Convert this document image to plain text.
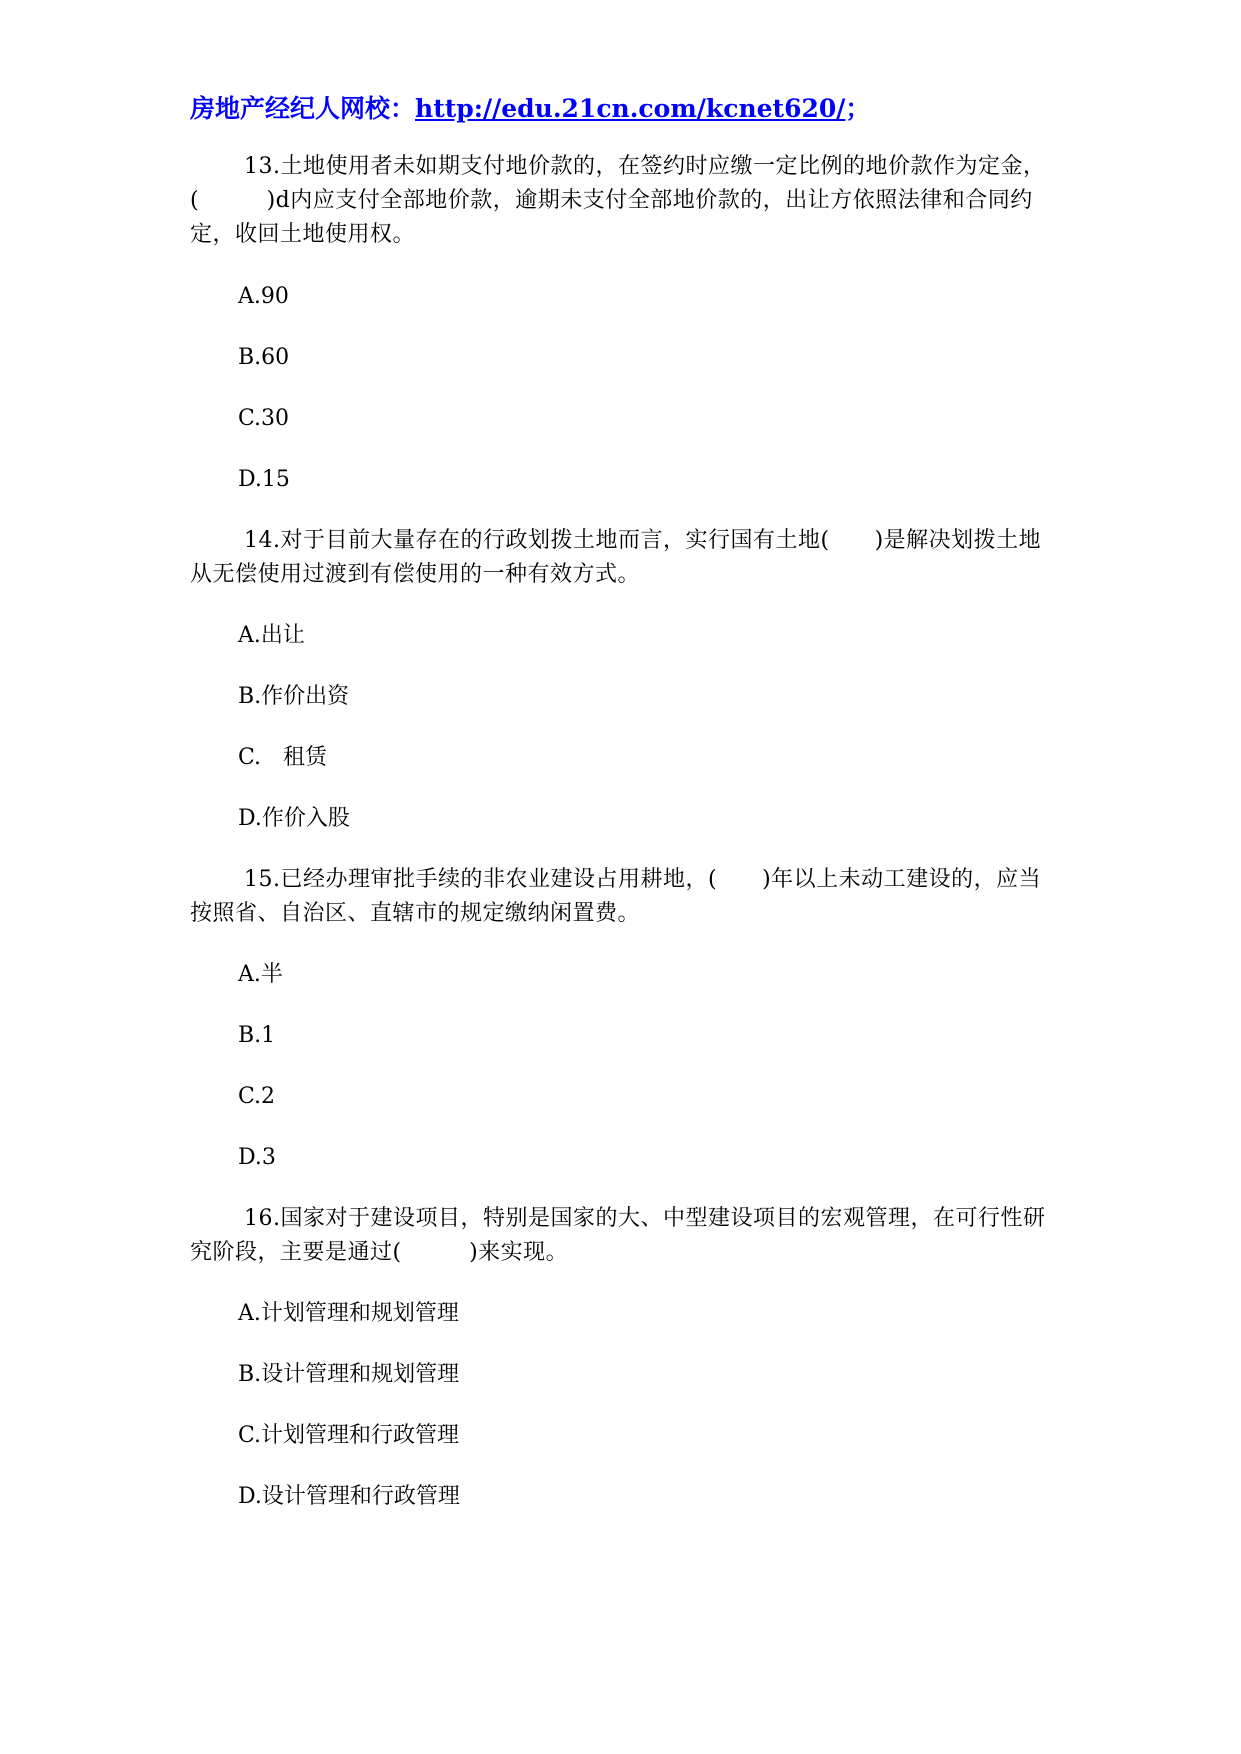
房地产经纪人网校：http://edu.21cn.com/kcnet620/；
13.土地使用者未如期支付地价款的，在签约时应缴一定比例的地价款作为定金，(　　　)d内应支付全部地价款，逾期未支付全部地价款的，出让方依照法律和合同约定，收回土地使用权。
A.90
B.60
C.30
D.15
14.对于目前大量存在的行政划拨土地而言，实行国有土地(　　)是解决划拨土地从无偿使用过渡到有偿使用的一种有效方式。
A.出让
B.作价出资
C.　租赁
D.作价入股
15.已经办理审批手续的非农业建设占用耕地，(　　)年以上未动工建设的，应当按照省、自治区、直辖市的规定缴纳闲置费。
A.半
B.1
C.2
D.3
16.国家对于建设项目，特别是国家的大、中型建设项目的宏观管理，在可行性研究阶段，主要是通过(　　　)来实现。
A.计划管理和规划管理
B.设计管理和规划管理
C.计划管理和行政管理
D.设计管理和行政管理
